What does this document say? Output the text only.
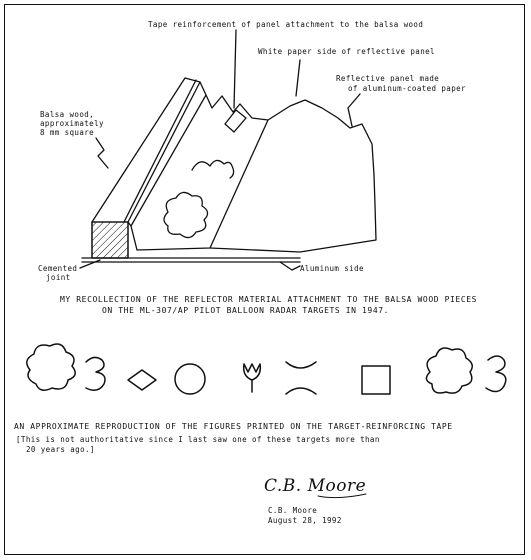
Tape reinforcement of panel attachment to the balsa wood
White paper side of reflective panel
Reflective panel made
of aluminum-coated paper
Balsa wood,
approximately
8 mm square
Cemented
joint
Aluminum side
MY RECOLLECTION OF THE REFLECTOR MATERIAL ATTACHMENT TO THE BALSA WOOD PIECES
ON THE ML-307/AP PILOT BALLOON RADAR TARGETS IN 1947.
AN APPROXIMATE REPRODUCTION OF THE FIGURES PRINTED ON THE TARGET-REINFORCING TAPE
[This is not authoritative since I last saw one of these targets more than
20 years ago.]
C.B. Moore
C.B. Moore
August 28, 1992
